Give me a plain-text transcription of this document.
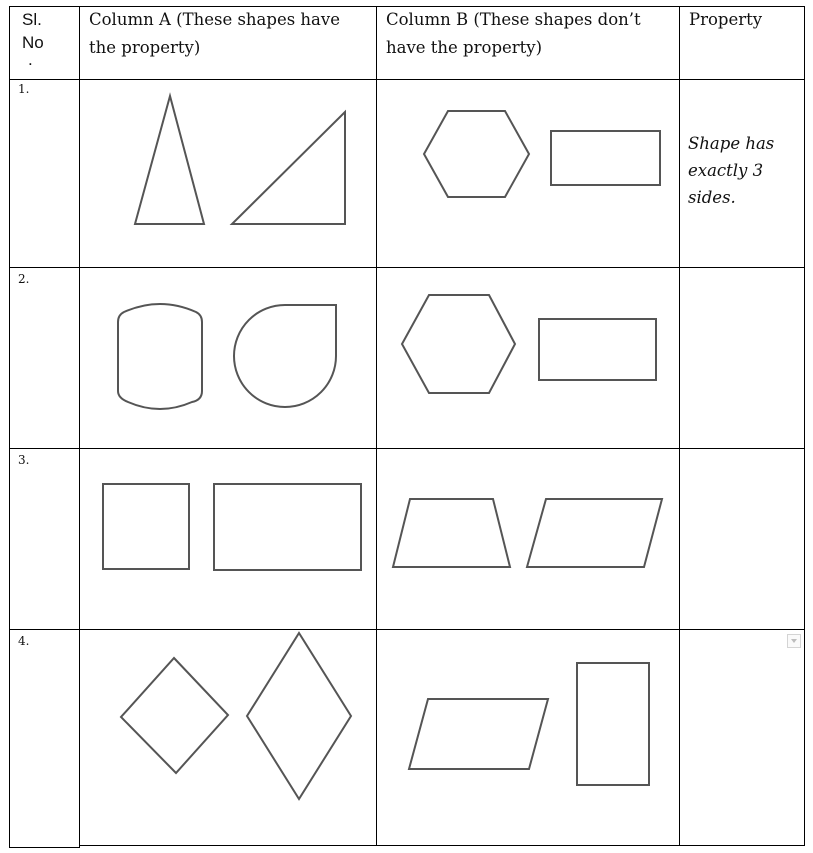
Sl.
No
.
Column A (These shapes have the property)
Column B (These shapes don’t have the property)
Property
1.
2.
3.
4.
Shape has exactly 3 sides.
